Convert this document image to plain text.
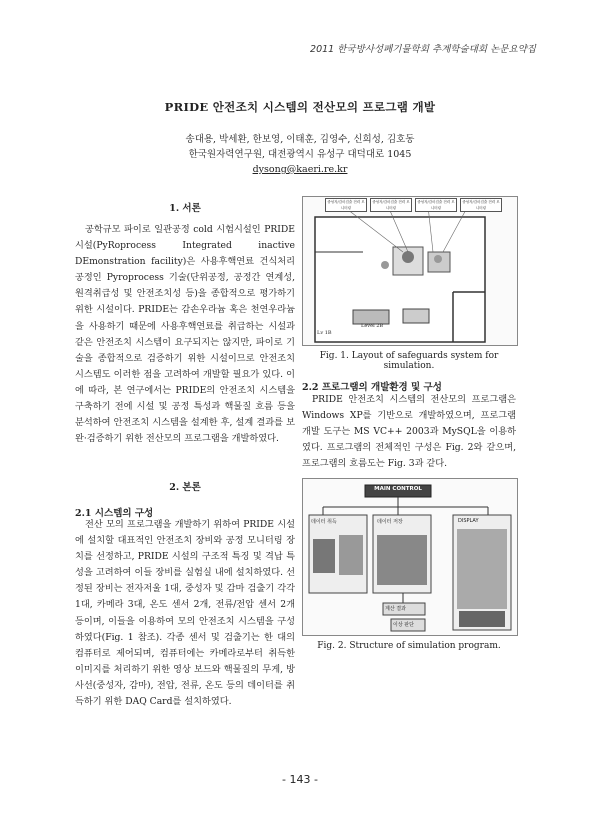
2011 한국방사성폐기물학회 추계학술대회 논문요약집
PRIDE 안전조치 시스템의 전산모의 프로그램 개발
송대용, 박세환, 한보영, 이태훈, 김영수, 신희성, 김호동
한국원자력연구원, 대전광역시 유성구 대덕대로 1045
dysong@kaeri.re.kr
1. 서론
공학규모 파이로 일관공정 cold 시험시설인 PRIDE 시설(PyRoprocess Integrated inactive DEmonstration facility)은 사용후핵연료 건식처리 공정인 Pyroprocess 기술(단위공정, 공정간 연계성, 원격취급성 및 안전조치성 등)을 종합적으로 평가하기 위한 시설이다. PRIDE는 감손우라늄 혹은 천연우라늄을 사용하기 때문에 사용후핵연료를 취급하는 시설과 같은 안전조치 시스템이 요구되지는 않지만, 파이로 기술을 종합적으로 검증하기 위한 시설이므로 안전조치 시스템도 이러한 점을 고려하여 개발할 필요가 있다. 이에 따라, 본 연구에서는 PRIDE의 안전조치 시스템을 구축하기 전에 시설 및 공정 특성과 핵물질 흐름 등을 분석하여 안전조치 시스템을 설계한 후, 설계 결과를 보완·검증하기 위한 전산모의 프로그램을 개발하였다.
2. 본론
2.1 시스템의 구성
전산 모의 프로그램을 개발하기 위하여 PRIDE 시설에 설치할 대표적인 안전조치 장비와 공정 모니터링 장치를 선정하고, PRIDE 시설의 구조적 특징 및 격납 특성을 고려하여 이들 장비를 실험실 내에 설치하였다. 선정된 장비는 전자저울 1대, 중성자 및 감마 검출기 각각 1대, 카메라 3대, 온도 센서 2개, 전류/전압 센서 2개 등이며, 이들을 이용하여 모의 안전조치 시스템을 구성하였다(Fig. 1 참조). 각종 센서 및 검출기는 한 대의 컴퓨터로 제어되며, 컴퓨터에는 카메라로부터 취득한 이미지를 처리하기 위한 영상 보드와 핵물질의 무게, 방사선(중성자, 감마), 전압, 전류, 온도 등의 데이터를 취득하기 위한 DAQ Card를 설치하였다.
중성자/감마검출 전력 모니터링
중성자/감마검출 전력 모니터링
중성자/감마검출 전력 모니터링
중성자/감마검출 전력 모니터링
Level 2B
Lv 1B
Fig. 1. Layout of safeguards system for simulation.
2.2 프로그램의 개발환경 및 구성
PRIDE 안전조치 시스템의 전산모의 프로그램은 Windows XP를 기반으로 개발하였으며, 프로그램 개발 도구는 MS VC++ 2003과 MySQL을 이용하였다. 프로그램의 전체적인 구성은 Fig. 2와 같으며, 프로그램의 흐름도는 Fig. 3과 같다.
MAIN CONTROL
데이터 취득	DISPLAY
데이터 저장
계산 결과
이상 판단
Fig. 2. Structure of simulation program.
- 143 -
